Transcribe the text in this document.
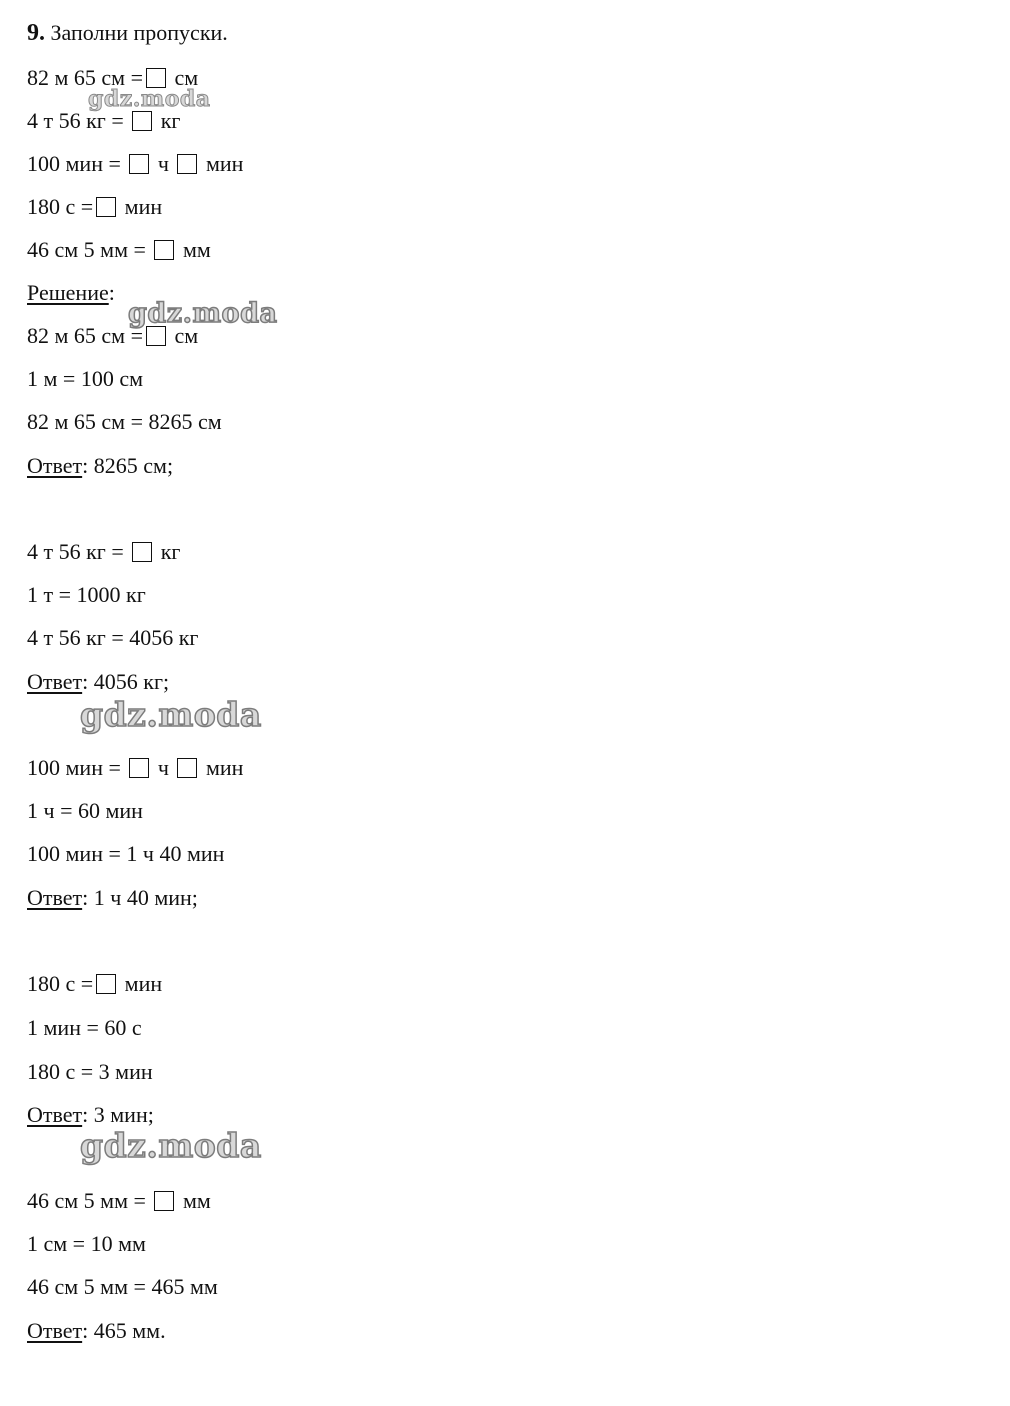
9. Заполни пропуски.
82 м 65 см = см
4 т 56 кг = кг
100 мин = ч мин
180 с = мин
46 см 5 мм = мм
Решение:
82 м 65 см = см
1 м = 100 см
82 м 65 см = 8265 см
Ответ: 8265 см;
4 т 56 кг = кг
1 т = 1000 кг
4 т 56 кг = 4056 кг
Ответ: 4056 кг;
100 мин = ч мин
1 ч = 60 мин
100 мин = 1 ч 40 мин
Ответ: 1 ч 40 мин;
180 с = мин
1 мин = 60 с
180 с = 3 мин
Ответ: 3 мин;
46 см 5 мм = мм
1 см = 10 мм
46 см 5 мм = 465 мм
Ответ: 465 мм.
gdz.moda
gdz.moda
gdz.moda
gdz.moda
